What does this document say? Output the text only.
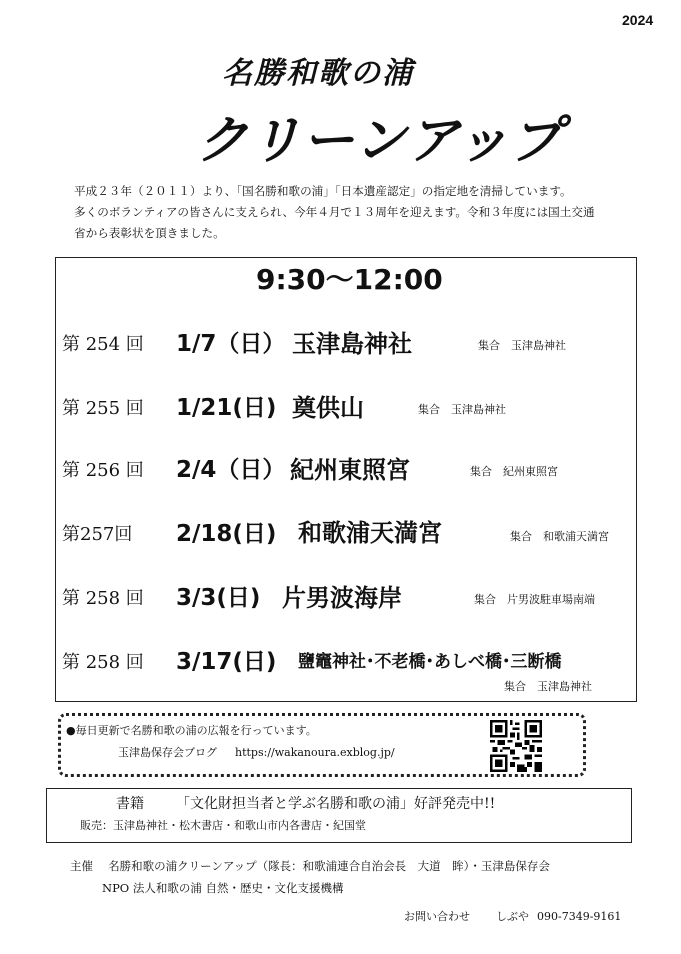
2024
名勝和歌の浦
クリーンアップ
平成２３年（２０１１）より、「国名勝和歌の浦」「日本遺産認定」の指定地を清掃しています。
多くのボランティアの皆さんに支えられ、今年４月で１３周年を迎えます。令和３年度には国土交通
省から表彰状を頂きました。
9:30～12:00
第 254 回 1/7（日） 玉津島神社	集合　玉津島神社
第 255 回 1/21(日) 奠供山	集合　玉津島神社
第 256 回 2/4（日） 紀州東照宮	集合　紀州東照宮
第257回 2/18(日) 和歌浦天満宮	集合　和歌浦天満宮
第 258 回 3/3(日) 片男波海岸	集合　片男波駐車場南端
第 258 回 3/17(日) 鹽竈神社･不老橋･あしべ橋･三断橋
集合　玉津島神社
●毎日更新で名勝和歌の浦の広報を行っています。
玉津島保存会ブログ https://wakanoura.exblog.jp/
書籍 「文化財担当者と学ぶ名勝和歌の浦」好評発売中!!
販売：玉津島神社・松木書店・和歌山市内各書店・紀国堂
主催　 名勝和歌の浦クリーンアップ（隊長：和歌浦連合自治会長　大道　眸）・玉津島保存会
NPO 法人和歌の浦 自然・歴史・文化支援機構
お問い合わせ しぶや 090-7349-9161
